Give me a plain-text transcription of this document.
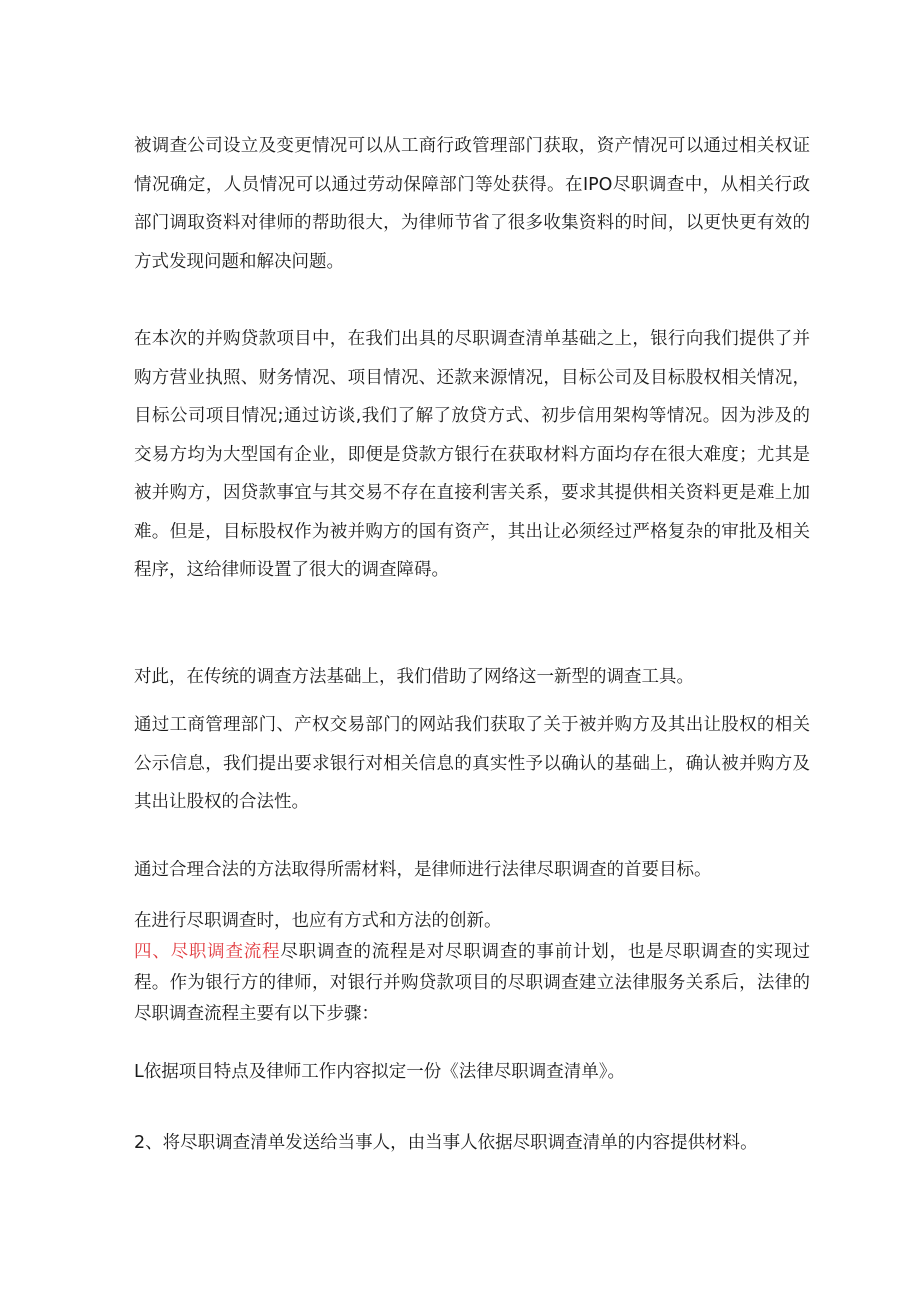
被调查公司设立及变更情况可以从工商行政管理部门获取，资产情况可以通过相关权证情况确定，人员情况可以通过劳动保障部门等处获得。在IPO尽职调查中，从相关行政部门调取资料对律师的帮助很大，为律师节省了很多收集资料的时间，以更快更有效的方式发现问题和解决问题。

在本次的并购贷款项目中，在我们出具的尽职调查清单基础之上，银行向我们提供了并购方营业执照、财务情况、项目情况、还款来源情况，目标公司及目标股权相关情况，目标公司项目情况;通过访谈,我们了解了放贷方式、初步信用架构等情况。因为涉及的交易方均为大型国有企业，即便是贷款方银行在获取材料方面均存在很大难度；尤其是被并购方，因贷款事宜与其交易不存在直接利害关系，要求其提供相关资料更是难上加难。但是，目标股权作为被并购方的国有资产，其出让必须经过严格复杂的审批及相关程序，这给律师设置了很大的调查障碍。

对此，在传统的调查方法基础上，我们借助了网络这一新型的调查工具。

通过工商管理部门、产权交易部门的网站我们获取了关于被并购方及其出让股权的相关公示信息，我们提出要求银行对相关信息的真实性予以确认的基础上，确认被并购方及其出让股权的合法性。

通过合理合法的方法取得所需材料，是律师进行法律尽职调查的首要目标。

在进行尽职调查时，也应有方式和方法的创新。

四、尽职调查流程尽职调查的流程是对尽职调查的事前计划，也是尽职调查的实现过程。作为银行方的律师，对银行并购贷款项目的尽职调查建立法律服务关系后，法律的尽职调查流程主要有以下步骤：

L依据项目特点及律师工作内容拟定一份《法律尽职调查清单》。

2、将尽职调查清单发送给当事人，由当事人依据尽职调查清单的内容提供材料。
